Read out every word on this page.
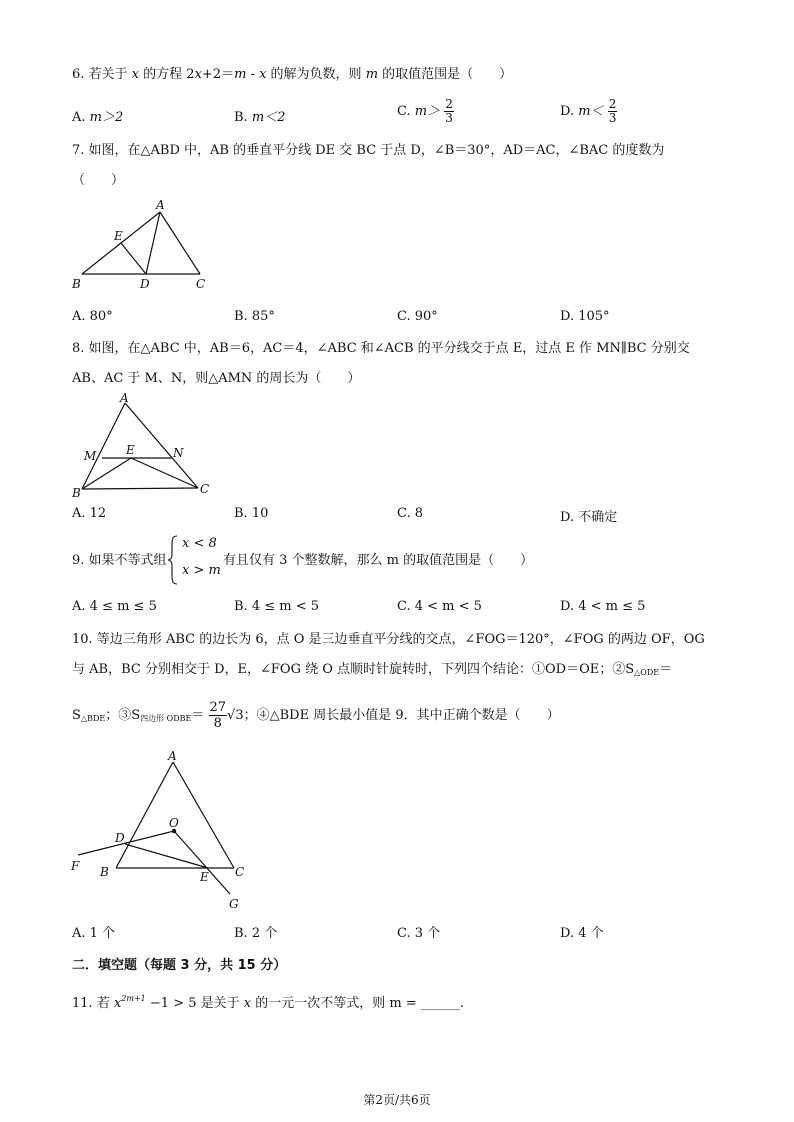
6. 若关于 x 的方程 2x+2＝m - x 的解为负数，则 m 的取值范围是（　　）
A. m＞2	B. m＜2	C. $m> \frac{2}{3}$	D. $m< \frac{2}{3}$
7. 如图，在△ABD 中，AB 的垂直平分线 DE 交 BC 于点 D，∠B＝30°，AD＝AC，∠BAC 的度数为
（　　）
A
E
B	D	C
A. 80°	B. 85°	C. 90°	D. 105°
8. 如图，在△ABC 中，AB＝6，AC＝4，∠ABC 和∠ACB 的平分线交于点 E，过点 E 作 MN∥BC 分别交
AB、AC 于 M、N，则△AMN 的周长为（　　）
A
M E	N
B	C
A. 12	B. 10	C. 8	D. 不确定
9. 如果不等式组
x < 8
x > m
有且仅有 3 个整数解，那么 m 的取值范围是（　　）
A. 4 ≤ m ≤ 5	B. 4 ≤ m < 5	C. 4 < m < 5	D. 4 < m ≤ 5
10. 等边三角形 ABC 的边长为 6，点 O 是三边垂直平分线的交点，∠FOG＝120°，∠FOG 的两边 OF，OG
与 AB，BC 分别相交于 D，E，∠FOG 绕 O 点顺时针旋转时，下列四个结论：①OD＝OE；$②S_{\triangle ODE}=$
$S_{\triangle BDE}$；$③S_{四边形 ODBE}= \frac{27}{8} √3$；④△BDE 周长最小值是 9．其中正确个数是（　　）
A
O
D
F B	E C
G
A. 1 个	B. 2 个	C. 3 个	D. 4 个
二．填空题（每题 3 分，共 15 分）
11. 若 $x^{2m+1} -1 > 5$ 是关于 x 的一元一次不等式，则 m = ______.
第2页/共6页
